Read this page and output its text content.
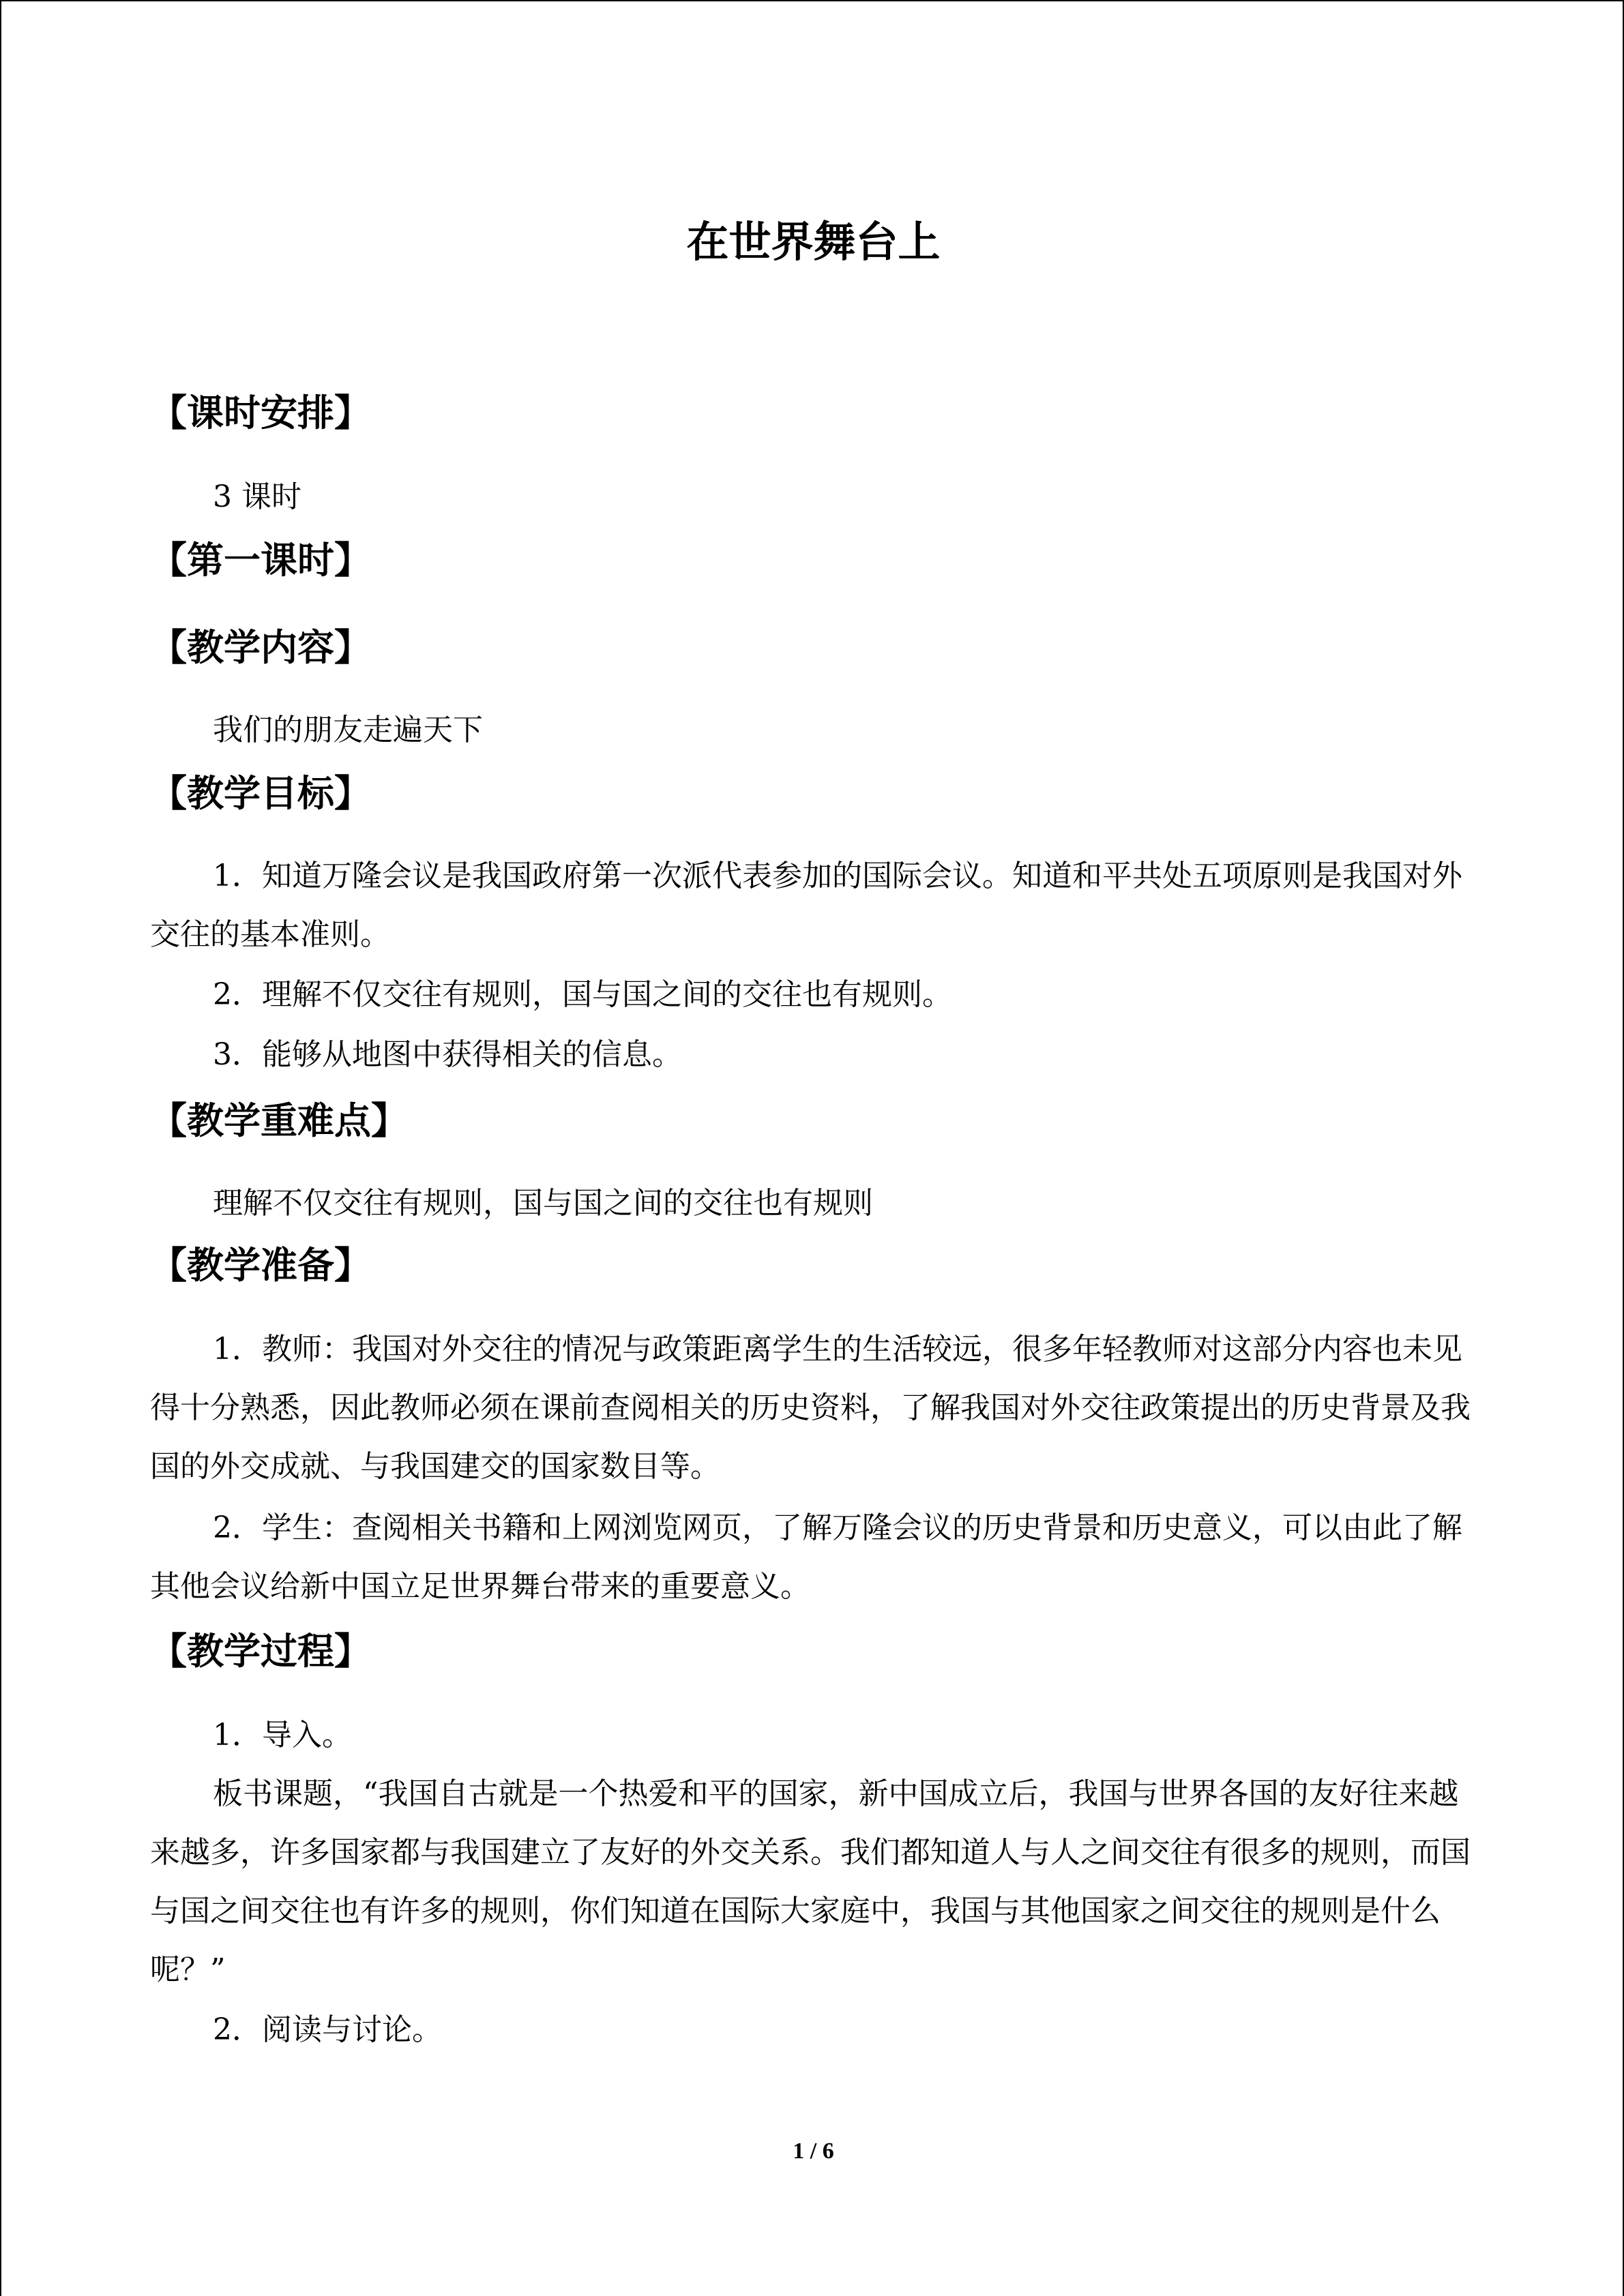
在世界舞台上
【课时安排】

3 课时

【第一课时】
【教学内容】

我们的朋友走遍天下

【教学目标】

1．知道万隆会议是我国政府第一次派代表参加的国际会议。知道和平共处五项原则是我国对外交往的基本准则。

2．理解不仅交往有规则，国与国之间的交往也有规则。

3．能够从地图中获得相关的信息。

【教学重难点】

理解不仅交往有规则，国与国之间的交往也有规则

【教学准备】

1．教师：我国对外交往的情况与政策距离学生的生活较远，很多年轻教师对这部分内容也未见得十分熟悉，因此教师必须在课前查阅相关的历史资料，了解我国对外交往政策提出的历史背景及我国的外交成就、与我国建交的国家数目等。

2．学生：查阅相关书籍和上网浏览网页，了解万隆会议的历史背景和历史意义，可以由此了解其他会议给新中国立足世界舞台带来的重要意义。

【教学过程】

1．导入。

板书课题，“我国自古就是一个热爱和平的国家，新中国成立后，我国与世界各国的友好往来越来越多，许多国家都与我国建立了友好的外交关系。我们都知道人与人之间交往有很多的规则，而国与国之间交往也有许多的规则，你们知道在国际大家庭中，我国与其他国家之间交往的规则是什么呢？”

2．阅读与讨论。

1 / 6
